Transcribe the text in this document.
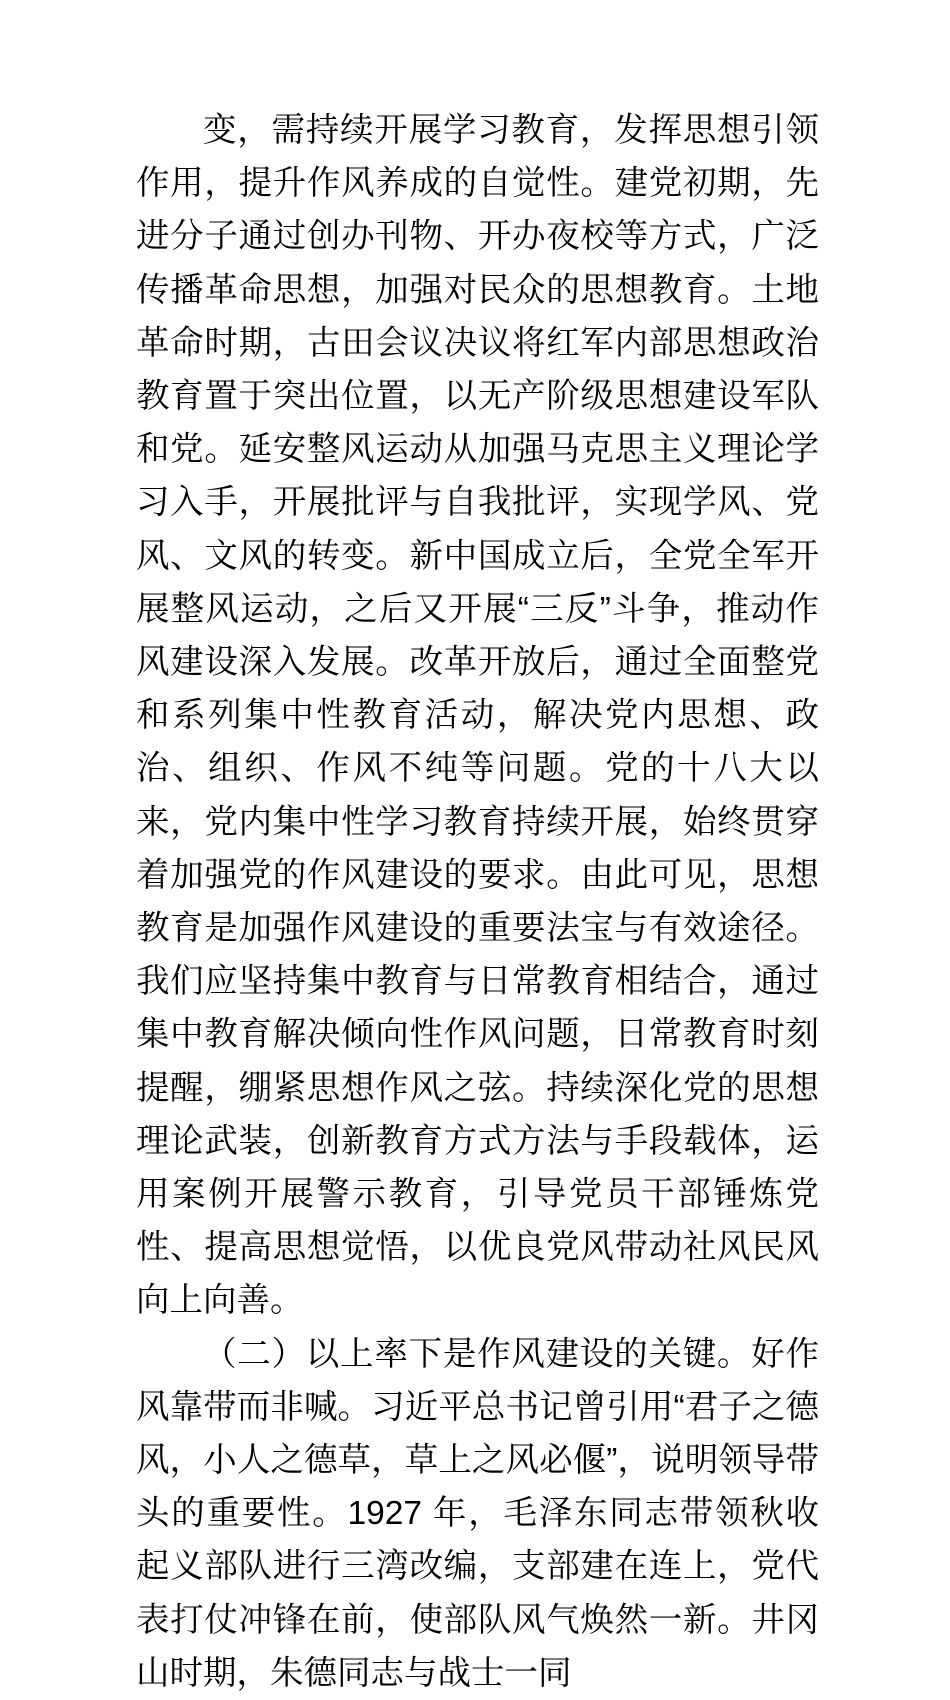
变，需持续开展学习教育，发挥思想引领作用，提升作风养成的自觉性。建党初期，先进分子通过创办刊物、开办夜校等方式，广泛传播革命思想，加强对民众的思想教育。土地革命时期，古田会议决议将红军内部思想政治教育置于突出位置，以无产阶级思想建设军队和党。延安整风运动从加强马克思主义理论学习入手，开展批评与自我批评，实现学风、党风、文风的转变。新中国成立后，全党全军开展整风运动，之后又开展“三反”斗争，推动作风建设深入发展。改革开放后，通过全面整党和系列集中性教育活动，解决党内思想、政治、组织、作风不纯等问题。党的十八大以来，党内集中性学习教育持续开展，始终贯穿着加强党的作风建设的要求。由此可见，思想教育是加强作风建设的重要法宝与有效途径。我们应坚持集中教育与日常教育相结合，通过集中教育解决倾向性作风问题，日常教育时刻提醒，绷紧思想作风之弦。持续深化党的思想理论武装，创新教育方式方法与手段载体，运用案例开展警示教育，引导党员干部锤炼党性、提高思想觉悟，以优良党风带动社风民风向上向善。

（二）以上率下是作风建设的关键。好作风靠带而非喊。习近平总书记曾引用“君子之德风，小人之德草，草上之风必偃”，说明领导带头的重要性。1927 年，毛泽东同志带领秋收起义部队进行三湾改编，支部建在连上，党代表打仗冲锋在前，使部队风气焕然一新。井冈山时期，朱德同志与战士一同
